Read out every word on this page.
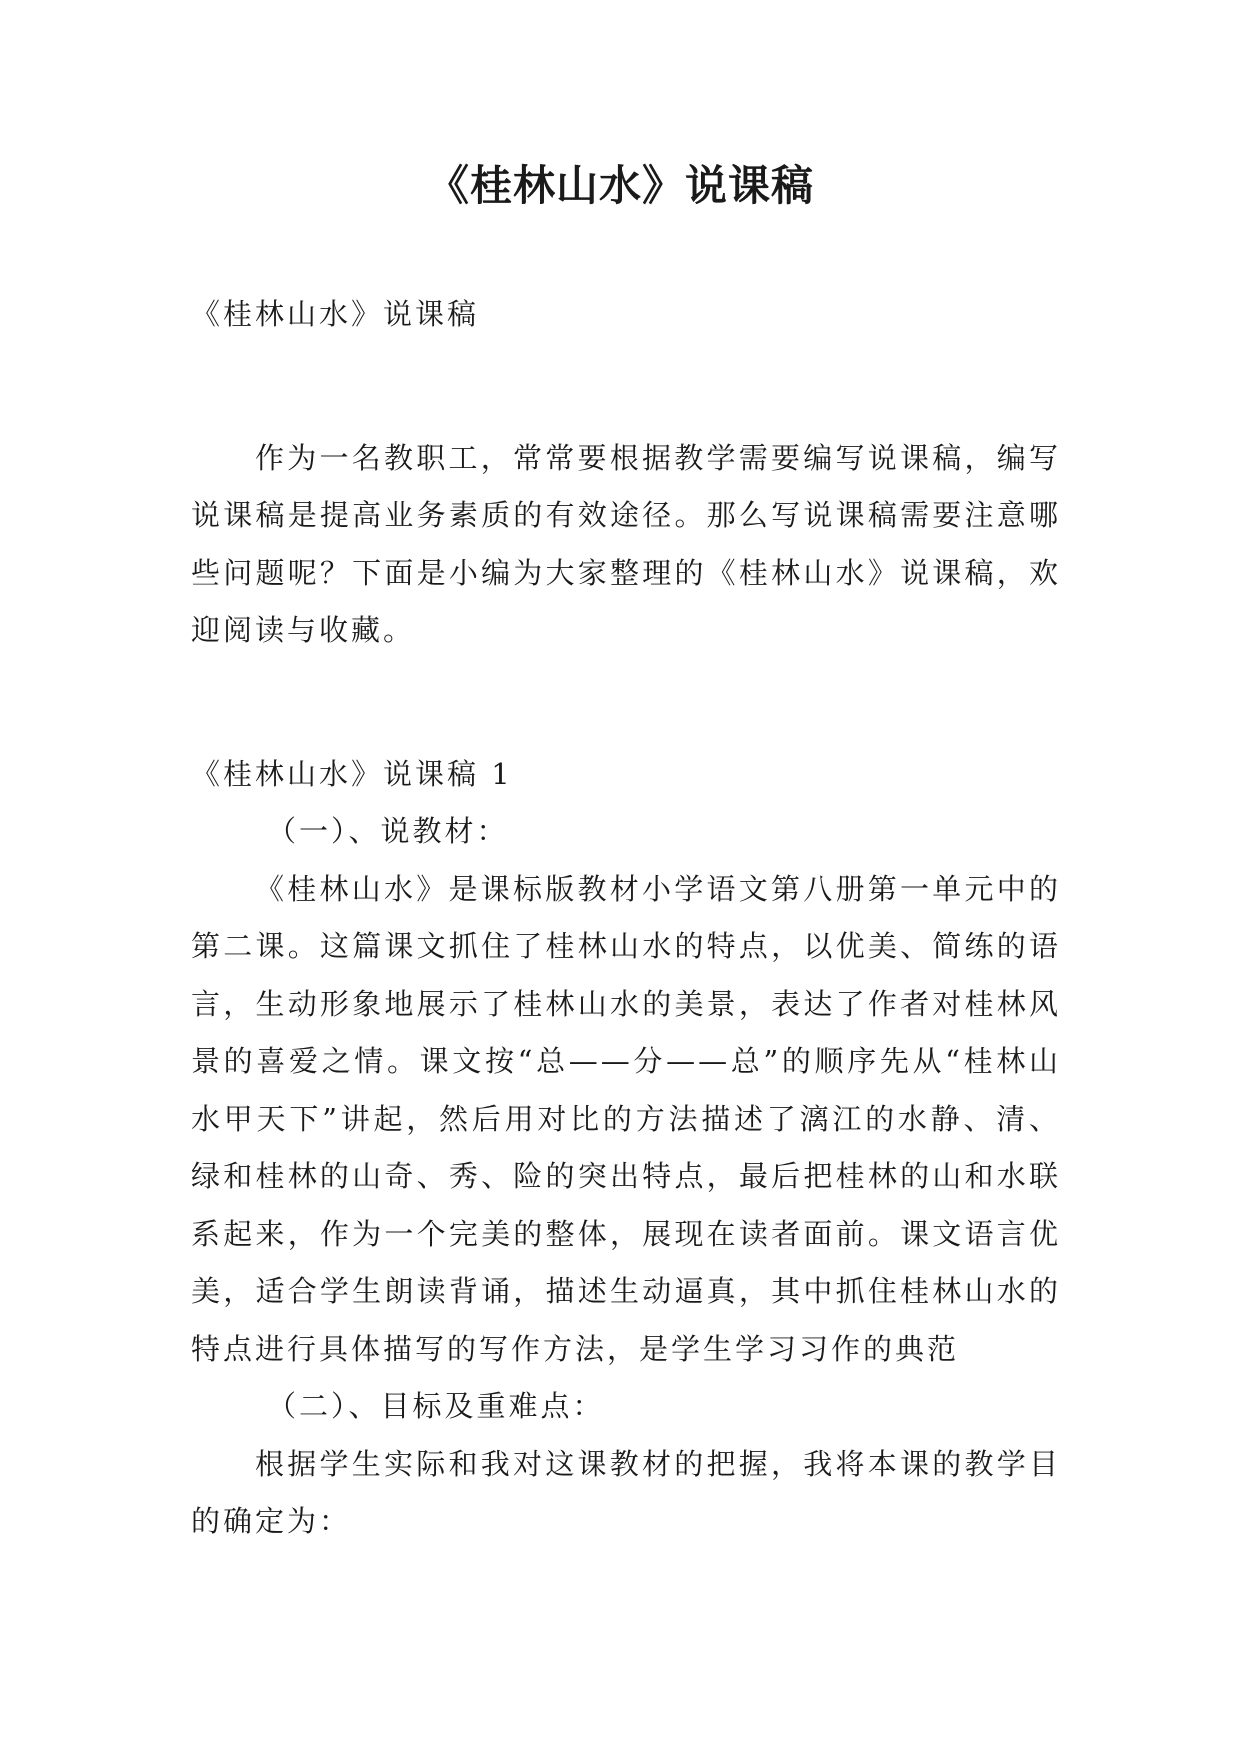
《桂林山水》说课稿

《桂林山水》说课稿

作为一名教职工，常常要根据教学需要编写说课稿，编写说课稿是提高业务素质的有效途径。那么写说课稿需要注意哪些问题呢？下面是小编为大家整理的《桂林山水》说课稿，欢迎阅读与收藏。

《桂林山水》说课稿 1

（一）、说教材：

《桂林山水》是课标版教材小学语文第八册第一单元中的第二课。这篇课文抓住了桂林山水的特点，以优美、简练的语言，生动形象地展示了桂林山水的美景，表达了作者对桂林风景的喜爱之情。课文按“总——分——总”的顺序先从“桂林山水甲天下”讲起，然后用对比的方法描述了漓江的水静、清、绿和桂林的山奇、秀、险的突出特点，最后把桂林的山和水联系起来，作为一个完美的整体，展现在读者面前。课文语言优美，适合学生朗读背诵，描述生动逼真，其中抓住桂林山水的特点进行具体描写的写作方法，是学生学习习作的典范

（二）、目标及重难点：

根据学生实际和我对这课教材的把握，我将本课的教学目的确定为：
